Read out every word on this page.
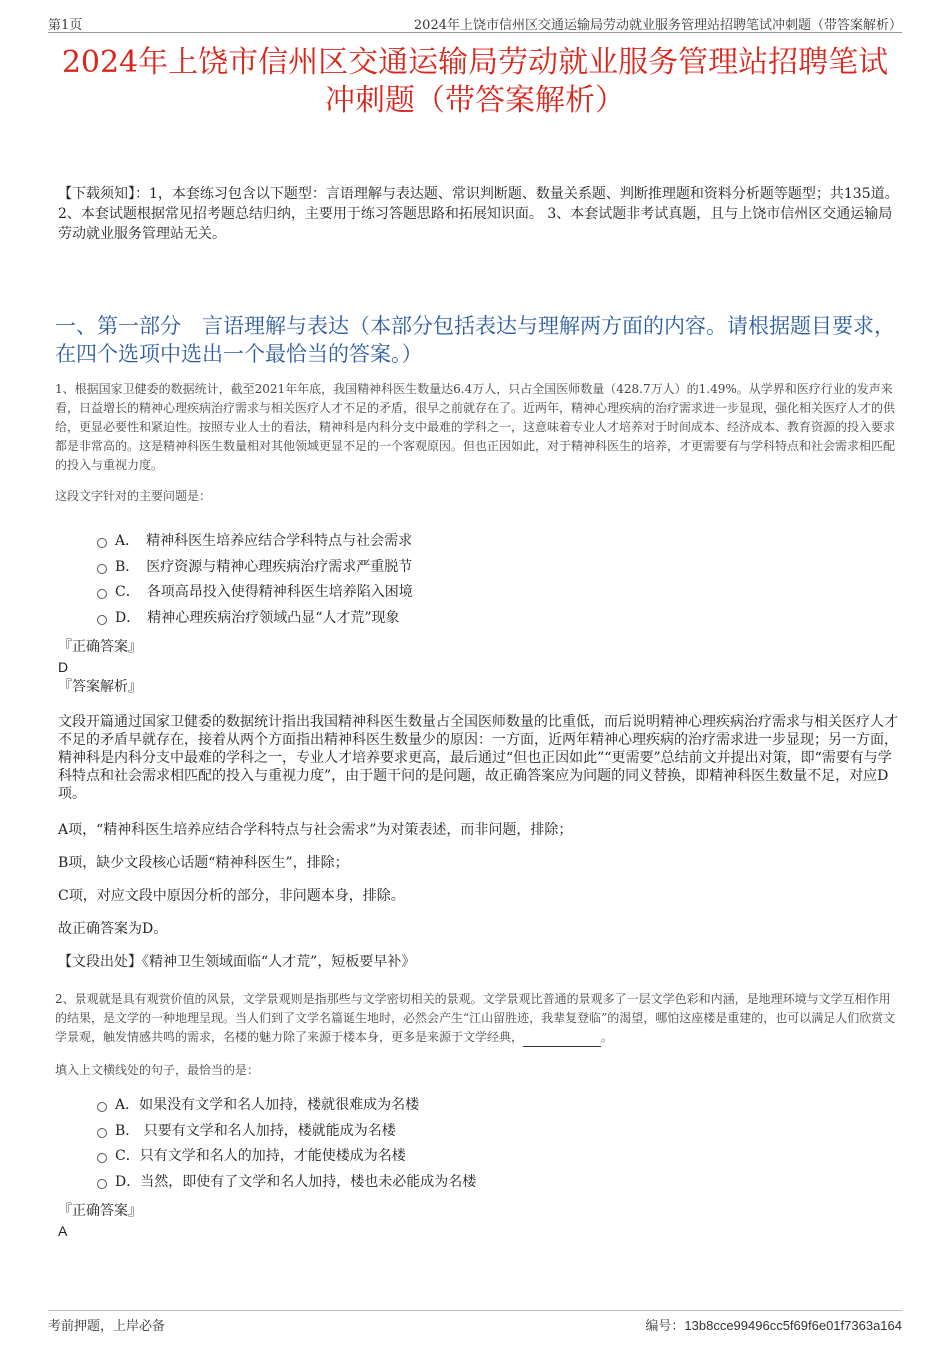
第1页	2024年上饶市信州区交通运输局劳动就业服务管理站招聘笔试冲刺题（带答案解析）
2024年上饶市信州区交通运输局劳动就业服务管理站招聘笔试
冲刺题（带答案解析）
【下载须知】：1，本套练习包含以下题型：言语理解与表达题、常识判断题、数量关系题、判断推理题和资料分析题等题型；共135道。 2、本套试题根据常见招考题总结归纳，主要用于练习答题思路和拓展知识面。 3、本套试题非考试真题，且与上饶市信州区交通运输局劳动就业服务管理站无关。
一、第一部分　言语理解与表达（本部分包括表达与理解两方面的内容。请根据题目要求，在四个选项中选出一个最恰当的答案。）
1、根据国家卫健委的数据统计，截至2021年年底，我国精神科医生数量达6.4万人，只占全国医师数量（428.7万人）的1.49%。从学界和医疗行业的发声来看，日益增长的精神心理疾病治疗需求与相关医疗人才不足的矛盾，很早之前就存在了。近两年，精神心理疾病的治疗需求进一步显现，强化相关医疗人才的供给，更显必要性和紧迫性。按照专业人士的看法，精神科是内科分支中最难的学科之一，这意味着专业人才培养对于时间成本、经济成本、教育资源的投入要求都是非常高的。这是精神科医生数量相对其他领域更显不足的一个客观原因。但也正因如此，对于精神科医生的培养，才更需要有与学科特点和社会需求相匹配的投入与重视力度。
这段文字针对的主要问题是：
A．　精神科医生培养应结合学科特点与社会需求
B．　医疗资源与精神心理疾病治疗需求严重脱节
C．　各项高昂投入使得精神科医生培养陷入困境
D．　精神心理疾病治疗领域凸显“人才荒”现象
『正确答案』
D
『答案解析』

文段开篇通过国家卫健委的数据统计指出我国精神科医生数量占全国医师数量的比重低，而后说明精神心理疾病治疗需求与相关医疗人才不足的矛盾早就存在，接着从两个方面指出精神科医生数量少的原因：一方面，近两年精神心理疾病的治疗需求进一步显现；另一方面，精神科是内科分支中最难的学科之一，专业人才培养要求更高，最后通过“但也正因如此”“更需要”总结前文并提出对策，即“需要有与学科特点和社会需求相匹配的投入与重视力度”，由于题干问的是问题，故正确答案应为问题的同义替换，即精神科医生数量不足，对应D项。

A项，“精神科医生培养应结合学科特点与社会需求”为对策表述，而非问题，排除；
B项，缺少文段核心话题“精神科医生”，排除；
C项，对应文段中原因分析的部分，非问题本身，排除。
故正确答案为D。
【文段出处】《精神卫生领域面临“人才荒”，短板要早补》
2、景观就是具有观赏价值的风景，文学景观则是指那些与文学密切相关的景观。文学景观比普通的景观多了一层文学色彩和内涵，是地理环境与文学互相作用的结果，是文学的一种地理呈现。当人们到了文学名篇诞生地时，必然会产生“江山留胜迹，我辈复登临”的渴望，哪怕这座楼是重建的，也可以满足人们欣赏文学景观，触发情感共鸣的需求，名楼的魅力除了来源于楼本身，更多是来源于文学经典，	。
填入上文横线处的句子，最恰当的是：
A．如果没有文学和名人加持，楼就很难成为名楼
B.　只要有文学和名人加持，楼就能成为名楼
C．只有文学和名人的加持，才能使楼成为名楼
D．当然，即使有了文学和名人加持，楼也未必能成为名楼
『正确答案』
A
考前押题，上岸必备	编号：13b8cce99496cc5f69f6e01f7363a164
